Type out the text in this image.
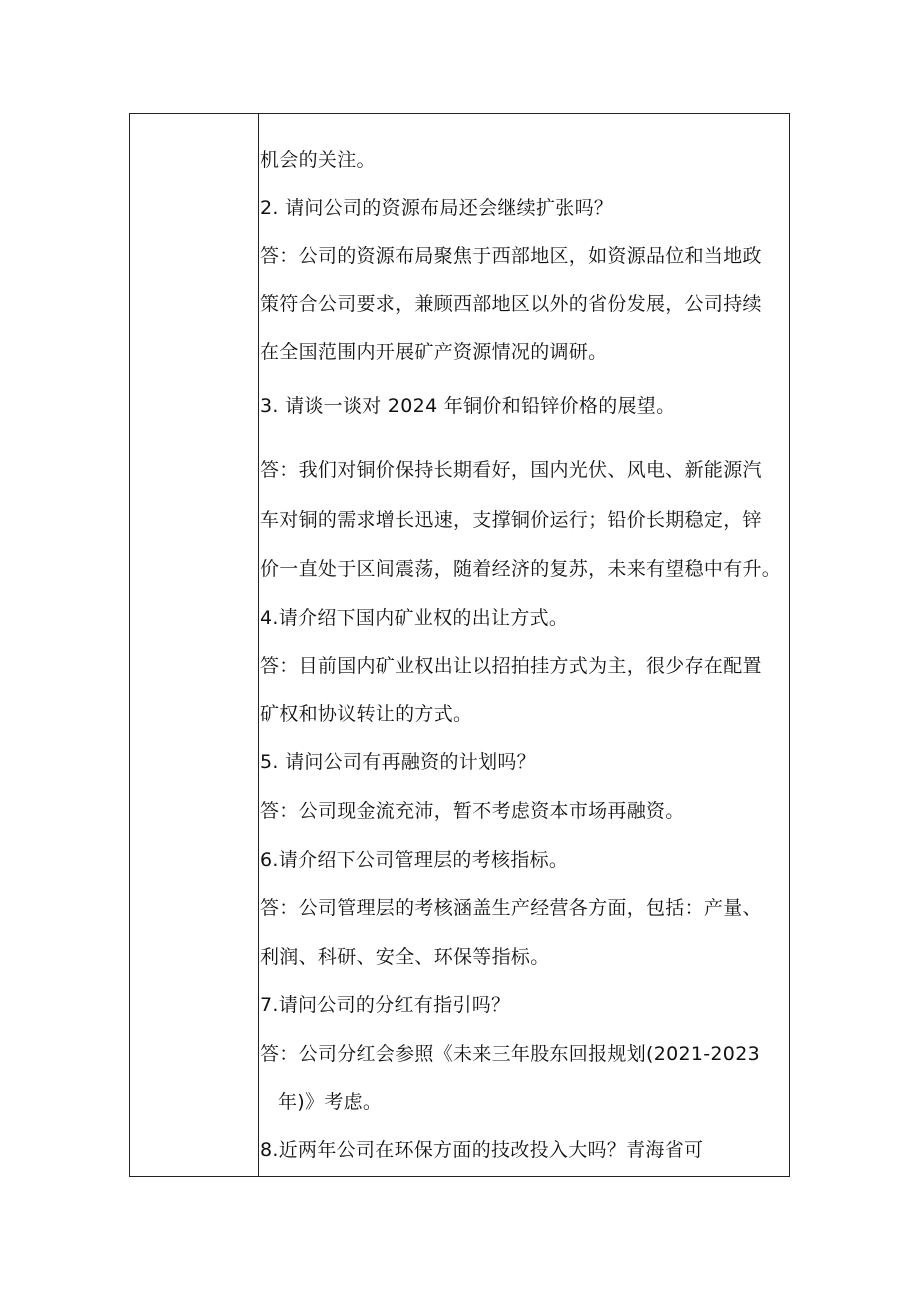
机会的关注。
2. 请问公司的资源布局还会继续扩张吗？
答：公司的资源布局聚焦于西部地区，如资源品位和当地政
策符合公司要求，兼顾西部地区以外的省份发展，公司持续
在全国范围内开展矿产资源情况的调研。
3. 请谈一谈对 2024 年铜价和铅锌价格的展望。
答：我们对铜价保持长期看好，国内光伏、风电、新能源汽
车对铜的需求增长迅速，支撑铜价运行；铅价长期稳定，锌
价一直处于区间震荡，随着经济的复苏，未来有望稳中有升。
4.请介绍下国内矿业权的出让方式。
答：目前国内矿业权出让以招拍挂方式为主，很少存在配置
矿权和协议转让的方式。
5. 请问公司有再融资的计划吗？
答：公司现金流充沛，暂不考虑资本市场再融资。
6.请介绍下公司管理层的考核指标。
答：公司管理层的考核涵盖生产经营各方面，包括：产量、
利润、科研、安全、环保等指标。
7.请问公司的分红有指引吗？
答：公司分红会参照《未来三年股东回报规划(2021-2023
年)》考虑。
8.近两年公司在环保方面的技改投入大吗？青海省可
